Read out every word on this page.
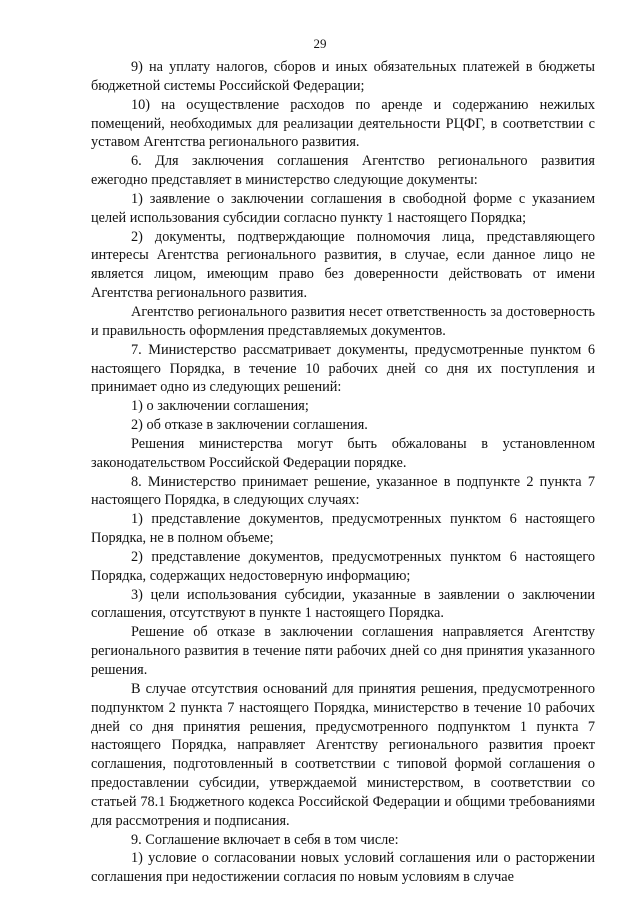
29

9) на уплату налогов, сборов и иных обязательных платежей в бюджеты бюджетной системы Российской Федерации;

10) на осуществление расходов по аренде и содержанию нежилых помещений, необходимых для реализации деятельности РЦФГ, в соответствии с уставом Агентства регионального развития.

6. Для заключения соглашения Агентство регионального развития ежегодно представляет в министерство следующие документы:

1) заявление о заключении соглашения в свободной форме с указанием целей использования субсидии согласно пункту 1 настоящего Порядка;

2) документы, подтверждающие полномочия лица, представляющего интересы Агентства регионального развития, в случае, если данное лицо не является лицом, имеющим право без доверенности действовать от имени Агентства регионального развития.

Агентство регионального развития несет ответственность за достоверность и правильность оформления представляемых документов.

7. Министерство рассматривает документы, предусмотренные пунктом 6 настоящего Порядка, в течение 10 рабочих дней со дня их поступления и принимает одно из следующих решений:

1) о заключении соглашения;

2) об отказе в заключении соглашения.

Решения министерства могут быть обжалованы в установленном законодательством Российской Федерации порядке.

8. Министерство принимает решение, указанное в подпункте 2 пункта 7 настоящего Порядка, в следующих случаях:

1) представление документов, предусмотренных пунктом 6 настоящего Порядка, не в полном объеме;

2) представление документов, предусмотренных пунктом 6 настоящего Порядка, содержащих недостоверную информацию;

3) цели использования субсидии, указанные в заявлении о заключении соглашения, отсутствуют в пункте 1 настоящего Порядка.

Решение об отказе в заключении соглашения направляется Агентству регионального развития в течение пяти рабочих дней со дня принятия указанного решения.

В случае отсутствия оснований для принятия решения, предусмотренного подпунктом 2 пункта 7 настоящего Порядка, министерство в течение 10 рабочих дней со дня принятия решения, предусмотренного подпунктом 1 пункта 7 настоящего Порядка, направляет Агентству регионального развития проект соглашения, подготовленный в соответствии с типовой формой соглашения о предоставлении субсидии, утверждаемой министерством, в соответствии со статьей 78.1 Бюджетного кодекса Российской Федерации и общими требованиями для рассмотрения и подписания.

9. Соглашение включает в себя в том числе:

1) условие о согласовании новых условий соглашения или о расторжении соглашения при недостижении согласия по новым условиям в случае
